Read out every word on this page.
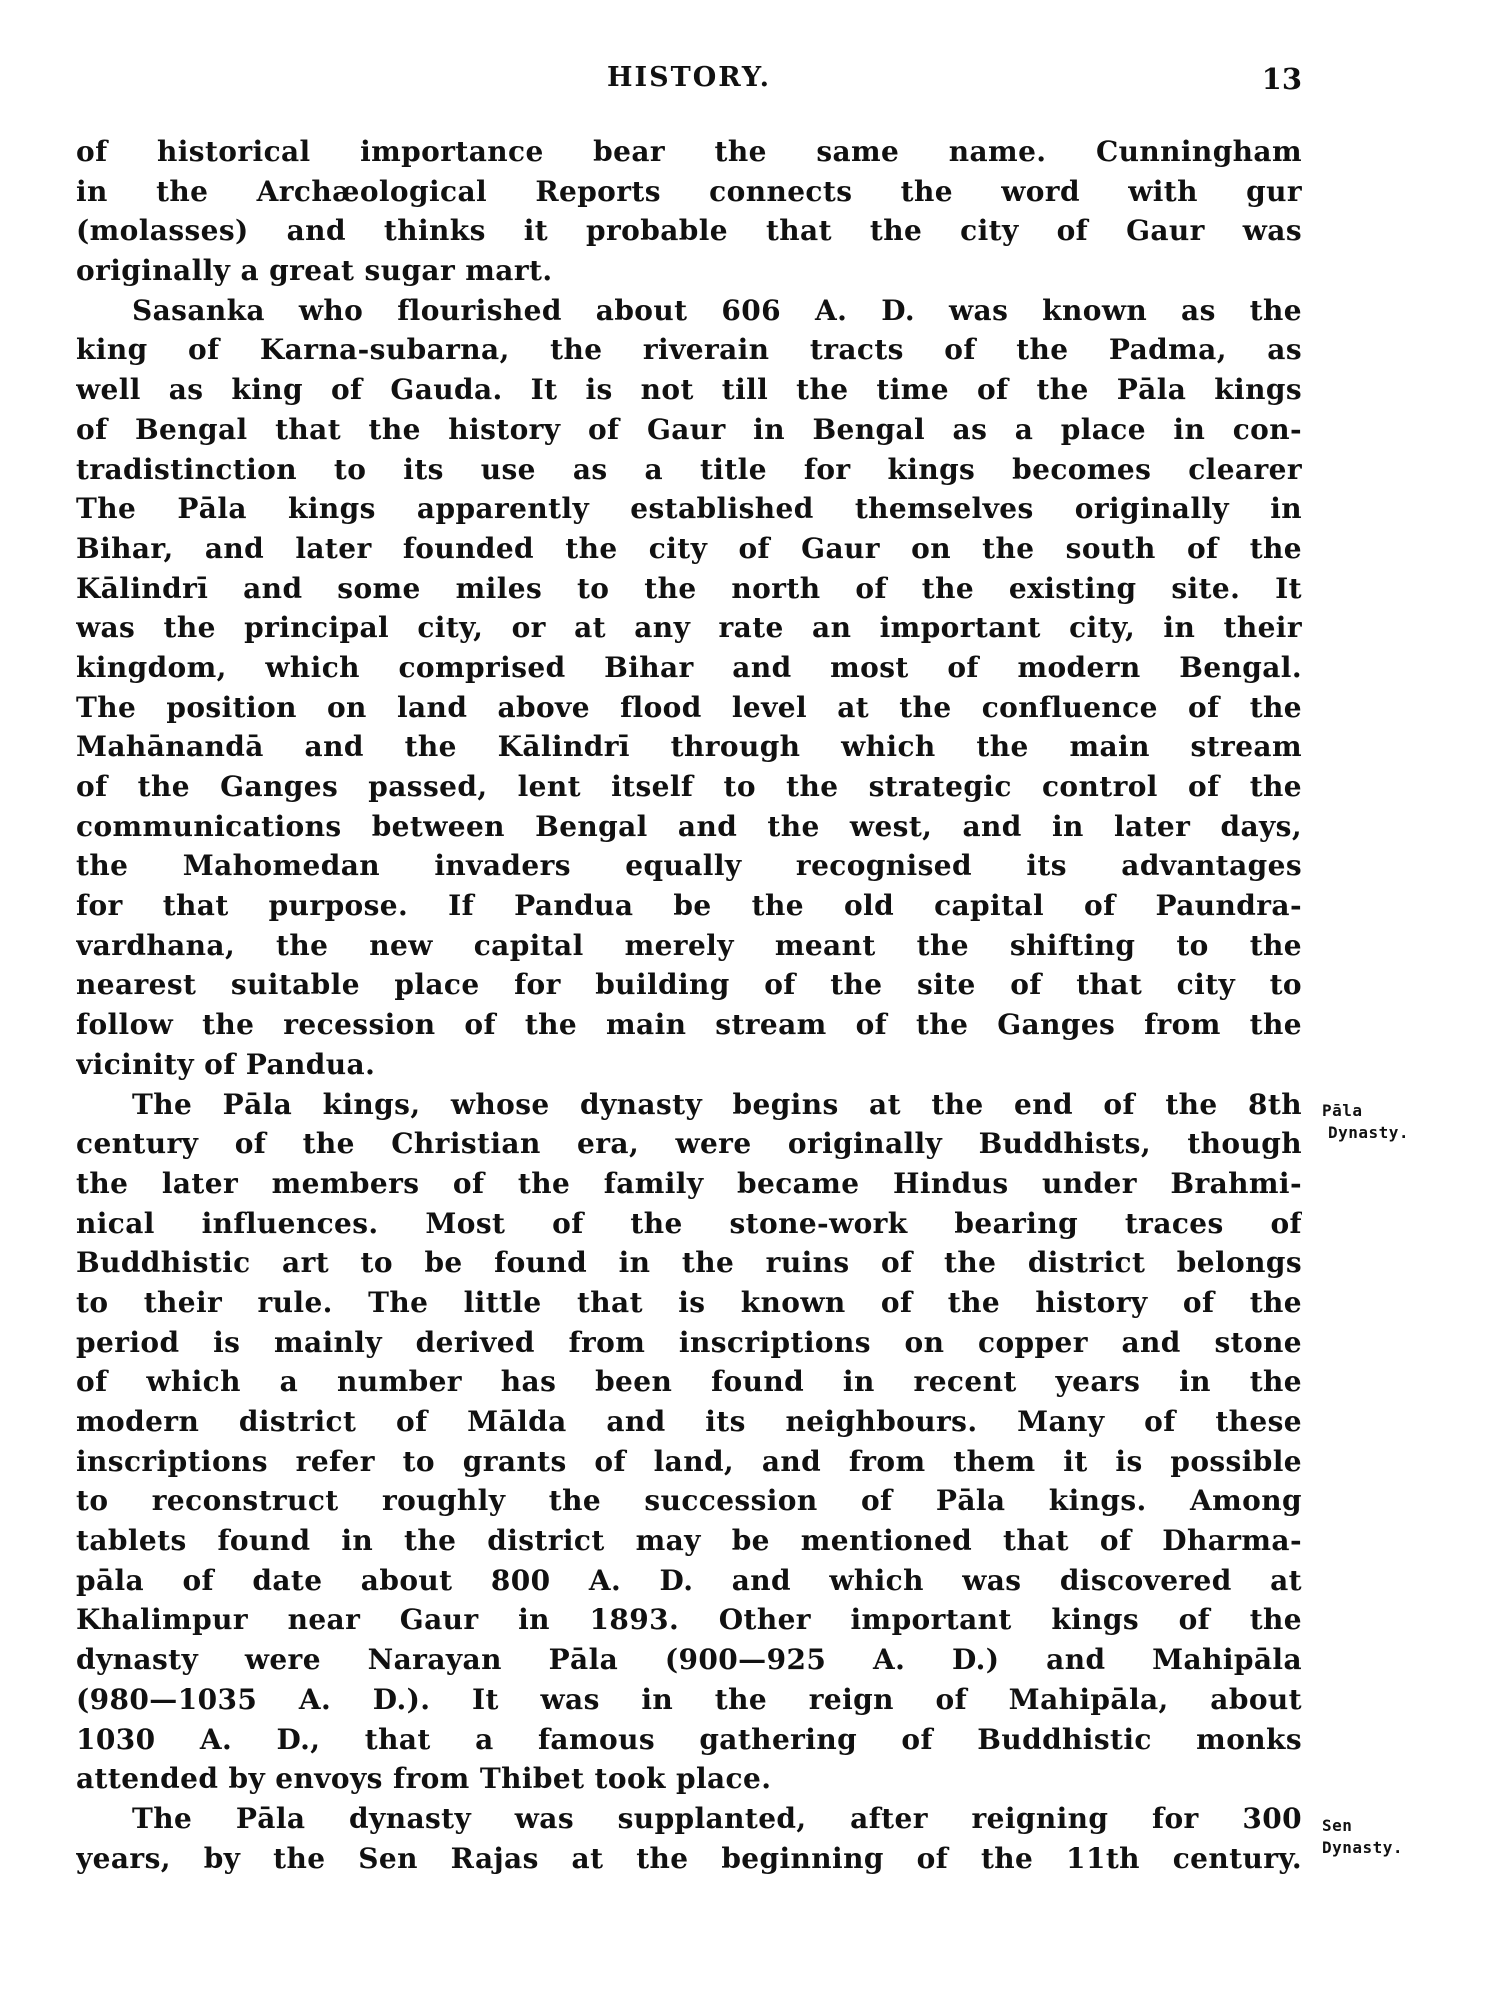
HISTORY.	13
of historical importance bear the same name. Cunningham
in the Archæological Reports connects the word with gur
(molasses) and thinks it probable that the city of Gaur was
originally a great sugar mart.
Sasanka who flourished about 606 A. D. was known as the
king of Karna-subarna, the riverain tracts of the Padma, as
well as king of Gauda. It is not till the time of the Pāla kings
of Bengal that the history of Gaur in Bengal as a place in con-
tradistinction to its use as a title for kings becomes clearer
The Pāla kings apparently established themselves originally in
Bihar, and later founded the city of Gaur on the south of the
Kālindrī and some miles to the north of the existing site. It
was the principal city, or at any rate an important city, in their
kingdom, which comprised Bihar and most of modern Bengal.
The position on land above flood level at the confluence of the
Mahānandā and the Kālindrī through which the main stream
of the Ganges passed, lent itself to the strategic control of the
communications between Bengal and the west, and in later days,
the Mahomedan invaders equally recognised its advantages
for that purpose. If Pandua be the old capital of Paundra-
vardhana, the new capital merely meant the shifting to the
nearest suitable place for building of the site of that city to
follow the recession of the main stream of the Ganges from the
vicinity of Pandua.
The Pāla kings, whose dynasty begins at the end of the 8th
century of the Christian era, were originally Buddhists, though
the later members of the family became Hindus under Brahmi-
nical influences. Most of the stone-work bearing traces of
Buddhistic art to be found in the ruins of the district belongs
to their rule. The little that is known of the history of the
period is mainly derived from inscriptions on copper and stone
of which a number has been found in recent years in the
modern district of Mālda and its neighbours. Many of these
inscriptions refer to grants of land, and from them it is possible
to reconstruct roughly the succession of Pāla kings. Among
tablets found in the district may be mentioned that of Dharma-
pāla of date about 800 A. D. and which was discovered at
Khalimpur near Gaur in 1893. Other important kings of the
dynasty were Narayan Pāla (900—925 A. D.) and Mahipāla
(980—1035 A. D.). It was in the reign of Mahipāla, about
1030 A. D., that a famous gathering of Buddhistic monks
attended by envoys from Thibet took place.
The Pāla dynasty was supplanted, after reigning for 300
years, by the Sen Rajas at the beginning of the 11th century.
Pāla
Dynasty.
Sen
Dynasty.
